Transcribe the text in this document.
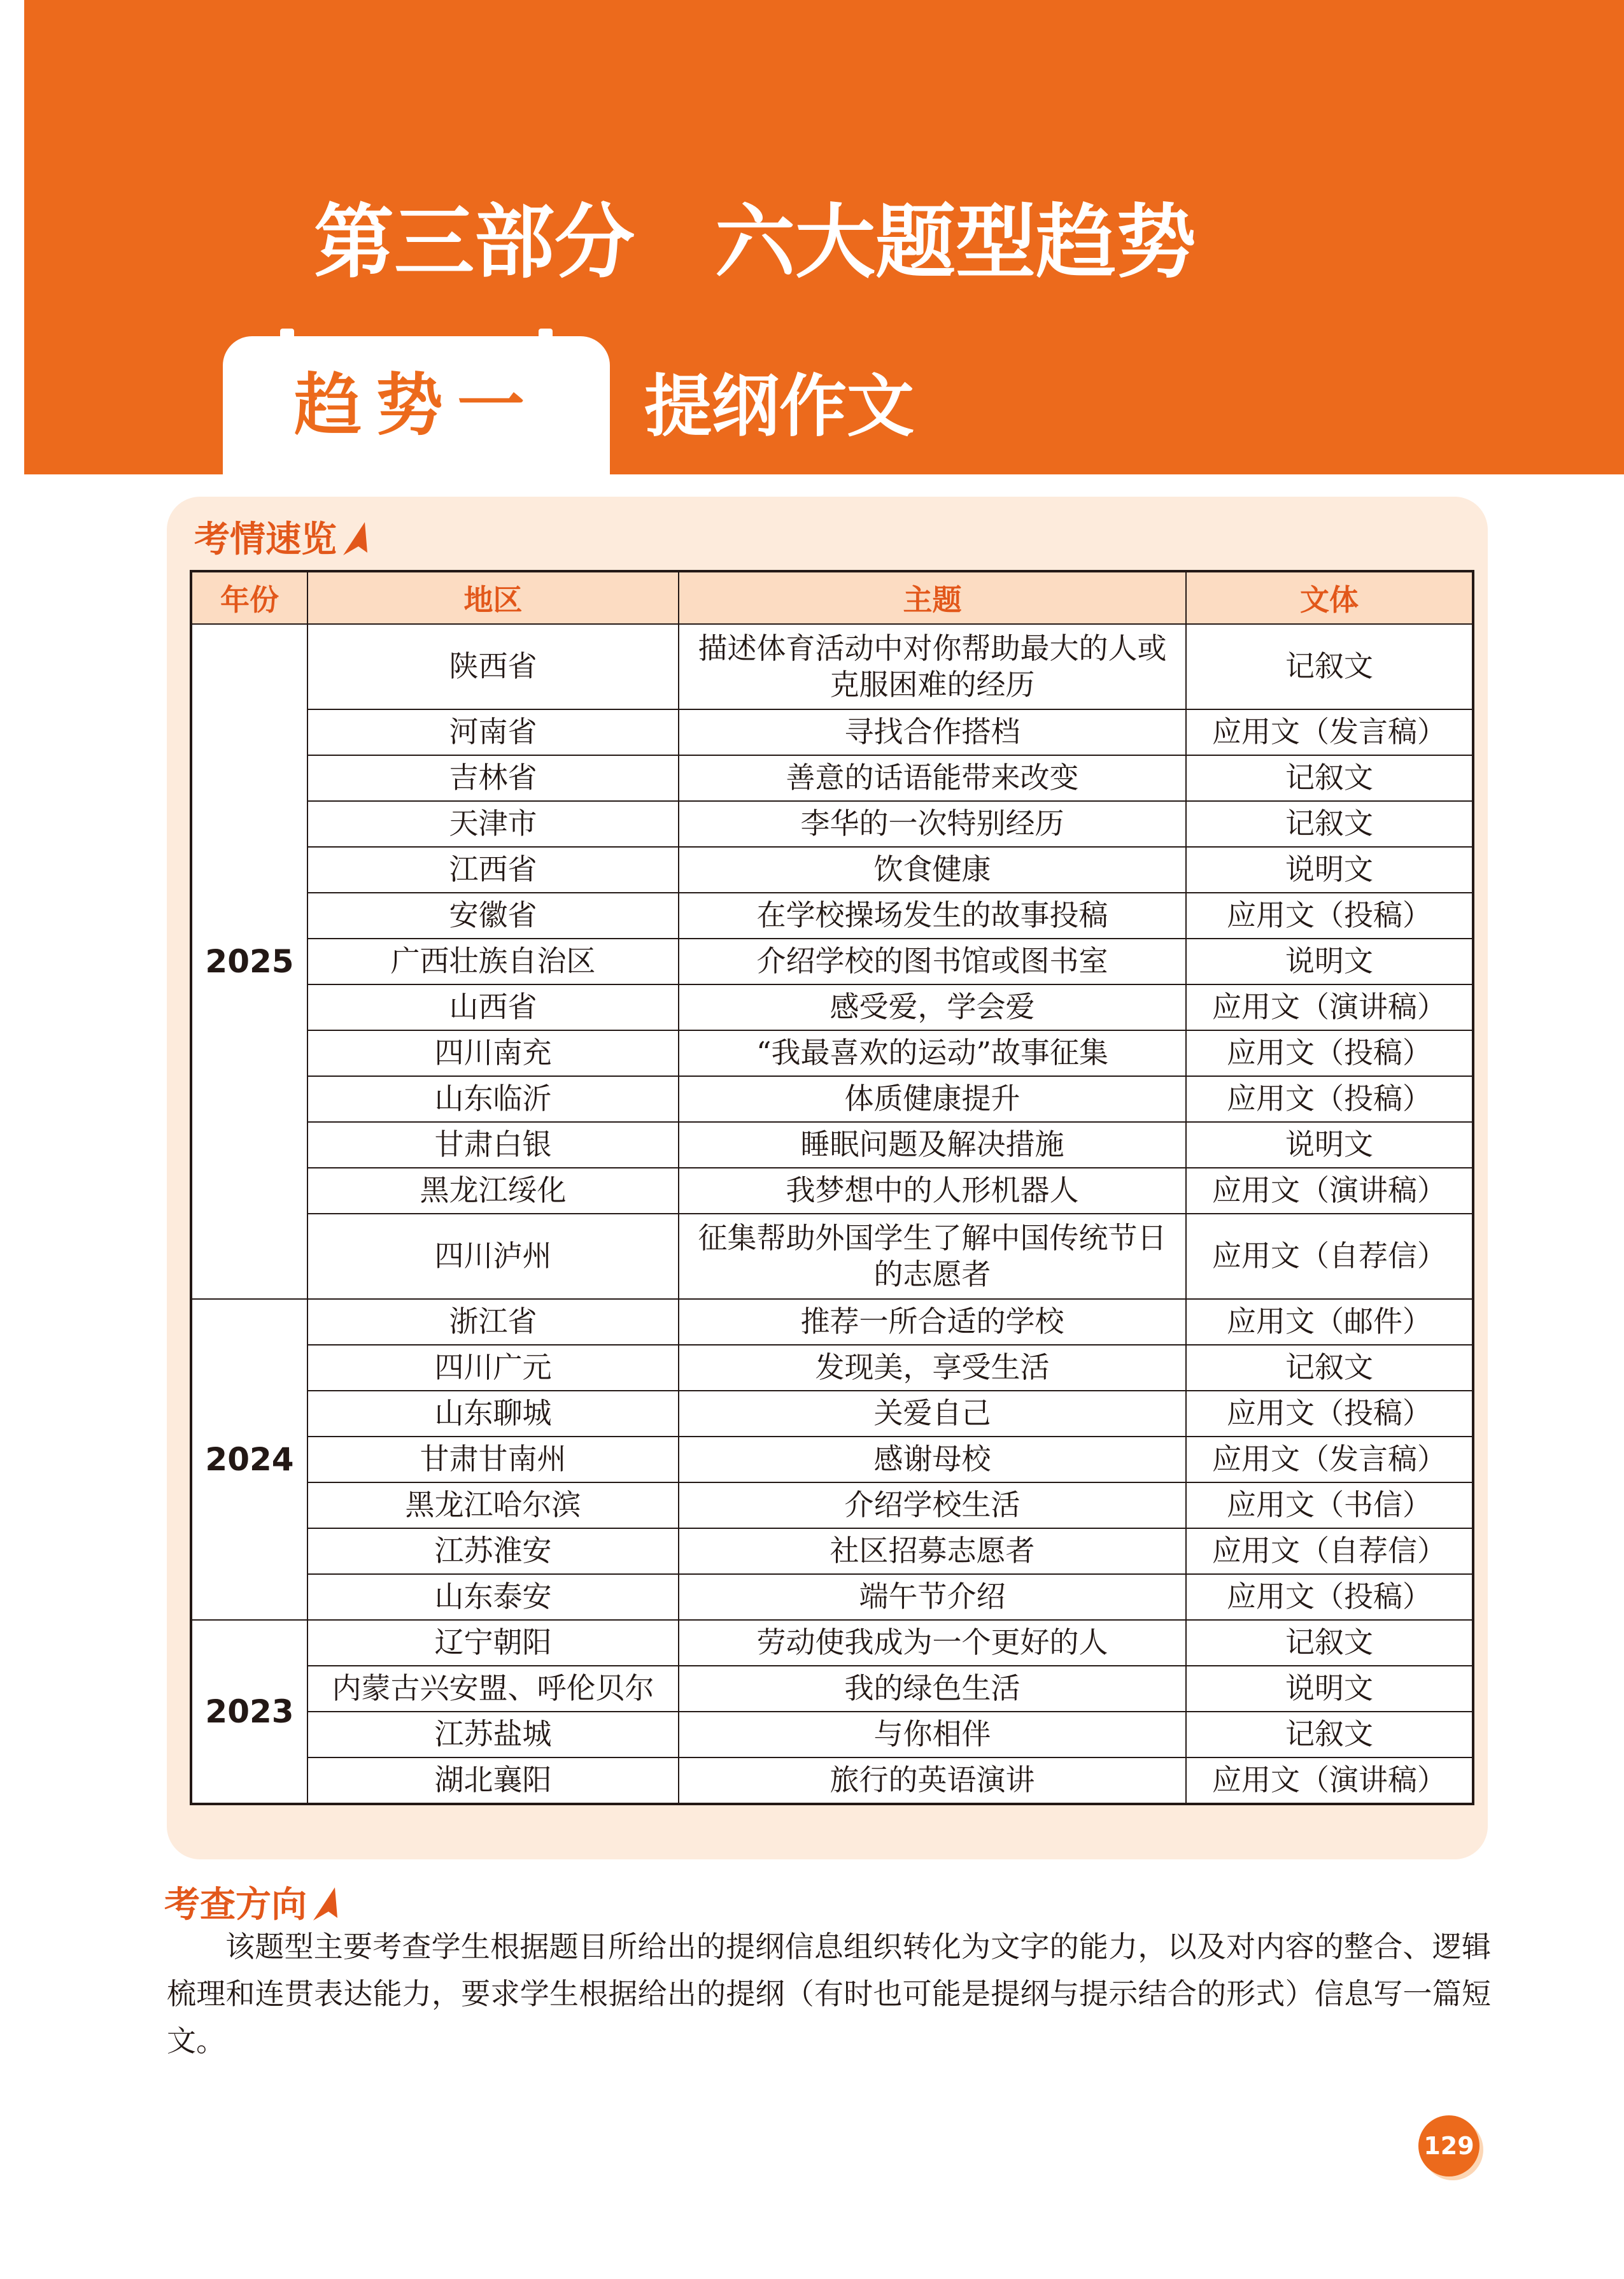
第三部分　六大题型趋势
趋势一	提纲作文
考情速览
年份	地区	主题	文体
2025	陕西省	描述体育活动中对你帮助最大的人或克服困难的经历	记叙文
	河南省	寻找合作搭档	应用文（发言稿）
	吉林省	善意的话语能带来改变	记叙文
	天津市	李华的一次特别经历	记叙文
	江西省	饮食健康	说明文
	安徽省	在学校操场发生的故事投稿	应用文（投稿）
	广西壮族自治区	介绍学校的图书馆或图书室	说明文
	山西省	感受爱，学会爱	应用文（演讲稿）
	四川南充	“我最喜欢的运动”故事征集	应用文（投稿）
	山东临沂	体质健康提升	应用文（投稿）
	甘肃白银	睡眠问题及解决措施	说明文
	黑龙江绥化	我梦想中的人形机器人	应用文（演讲稿）
	四川泸州	征集帮助外国学生了解中国传统节日的志愿者	应用文（自荐信）
2024	浙江省	推荐一所合适的学校	应用文（邮件）
	四川广元	发现美，享受生活	记叙文
	山东聊城	关爱自己	应用文（投稿）
	甘肃甘南州	感谢母校	应用文（发言稿）
	黑龙江哈尔滨	介绍学校生活	应用文（书信）
	江苏淮安	社区招募志愿者	应用文（自荐信）
	山东泰安	端午节介绍	应用文（投稿）
2023	辽宁朝阳	劳动使我成为一个更好的人	记叙文
	内蒙古兴安盟、呼伦贝尔	我的绿色生活	说明文
	江苏盐城	与你相伴	记叙文
	湖北襄阳	旅行的英语演讲	应用文（演讲稿）
考查方向
该题型主要考查学生根据题目所给出的提纲信息组织转化为文字的能力，以及对内容的整合、逻辑梳理和连贯表达能力，要求学生根据给出的提纲（有时也可能是提纲与提示结合的形式）信息写一篇短文。
129
